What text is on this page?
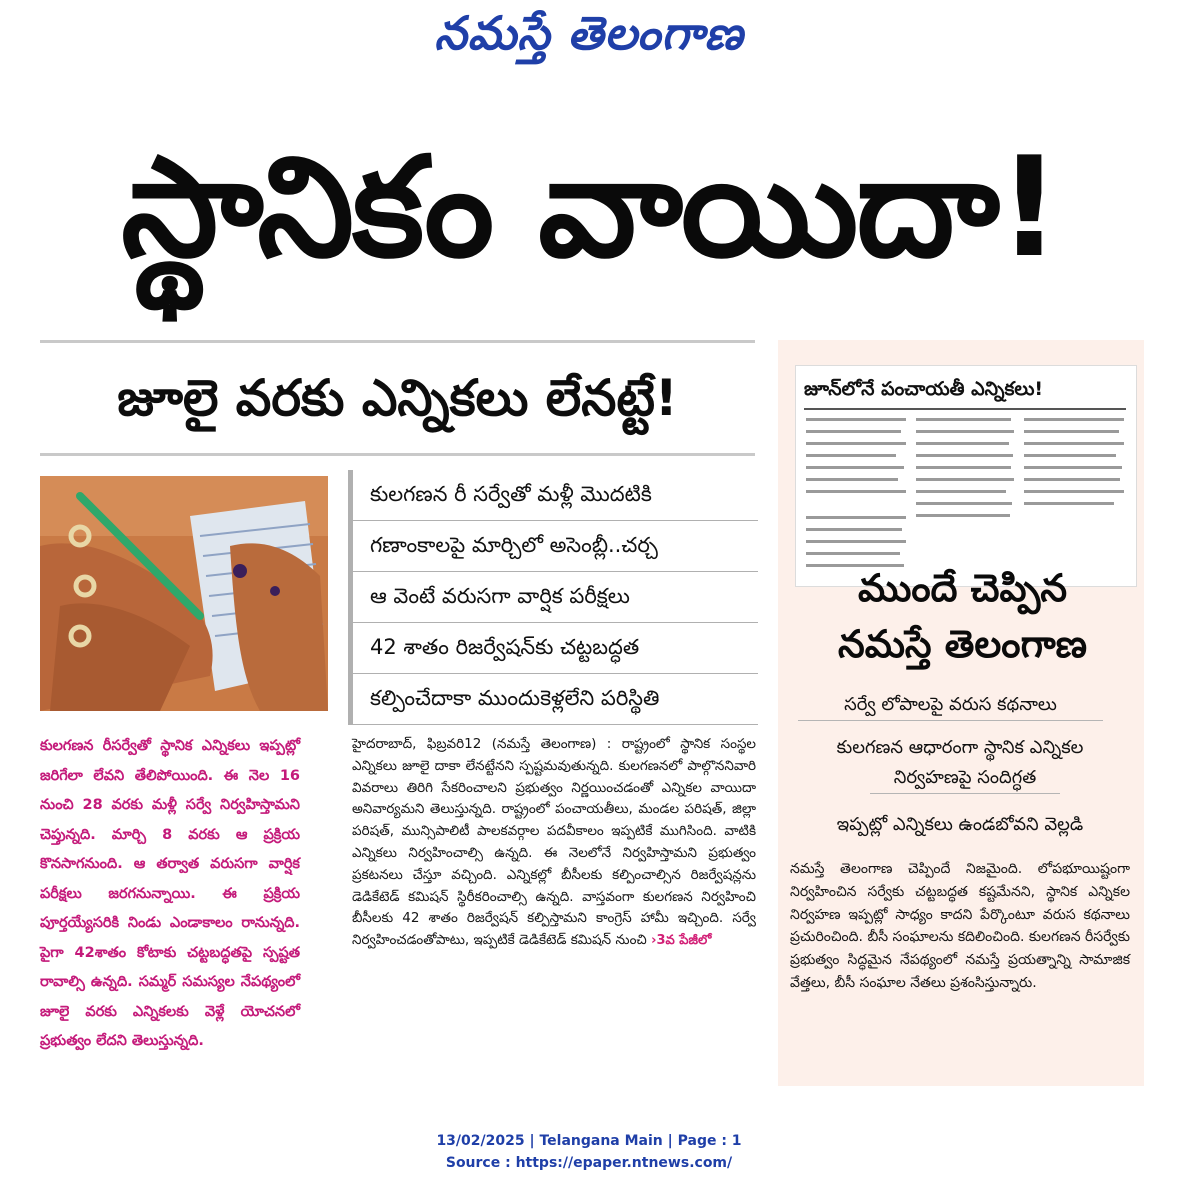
నమస్తే తెలంగాణ
స్థానికం వాయిదా!
జూలై వరకు ఎన్నికలు లేనట్టే!
కులగణన రీసర్వేతో స్థానిక ఎన్నికలు ఇప్పట్లో జరిగేలా లేవని తేలిపోయింది. ఈ నెల 16 నుంచి 28 వరకు మళ్లీ సర్వే నిర్వహిస్తామని చెప్తున్నది. మార్చి 8 వరకు ఆ ప్రక్రియ కొనసాగనుంది. ఆ తర్వాత వరుసగా వార్షిక పరీక్షలు జరగనున్నాయి. ఈ ప్రక్రియ పూర్తయ్యేసరికి నిండు ఎండాకాలం రానున్నది. పైగా 42శాతం కోటాకు చట్టబద్ధతపై స్పష్టత రావాల్సి ఉన్నది. సమ్మర్ సమస్యల నేపథ్యంలో జూలై వరకు ఎన్నికలకు వెళ్లే యోచనలో ప్రభుత్వం లేదని తెలుస్తున్నది.
కులగణన రీ సర్వేతో మళ్లీ మొదటికి
గణాంకాలపై మార్చిలో అసెంబ్లీ..చర్చ
ఆ వెంటే వరుసగా వార్షిక పరీక్షలు
42 శాతం రిజర్వేషన్‌కు చట్టబద్ధత
కల్పించేదాకా ముందుకెళ్లలేని పరిస్థితి
హైదరాబాద్, ఫిబ్రవరి12 (నమస్తే తెలంగాణ) : రాష్ట్రంలో స్థానిక సంస్థల ఎన్నికలు జూలై దాకా లేనట్టేనని స్పష్టమవుతున్నది. కులగణనలో పాల్గొననివారి వివరాలు తిరిగి సేకరించాలని ప్రభుత్వం నిర్ణయించడంతో ఎన్నికల వాయిదా అనివార్యమని తెలుస్తున్నది. రాష్ట్రంలో పంచాయతీలు, మండల పరిషత్, జిల్లా పరిషత్, మున్సిపాలిటీ పాలకవర్గాల పదవీకాలం ఇప్పటికే ముగిసింది. వాటికి ఎన్నికలు నిర్వహించాల్సి ఉన్నది. ఈ నెలలోనే నిర్వహిస్తామని ప్రభుత్వం ప్రకటనలు చేస్తూ వచ్చింది. ఎన్నికల్లో బీసీలకు కల్పించాల్సిన రిజర్వేషన్లను డెడికేటెడ్ కమిషన్ స్థిరీకరించాల్సి ఉన్నది. వాస్తవంగా కులగణన నిర్వహించి బీసీలకు 42 శాతం రిజర్వేషన్ కల్పిస్తామని కాంగ్రెస్ హామీ ఇచ్చింది. సర్వే నిర్వహించడంతోపాటు, ఇప్పటికే డెడికేటెడ్ కమిషన్ నుంచి ›3వ పేజీలో
జూన్‌లోనే పంచాయతీ ఎన్నికలు!
ముందే చెప్పిన
నమస్తే తెలంగాణ
సర్వే లోపాలపై వరుస కథనాలు
కులగణన ఆధారంగా స్థానిక ఎన్నికల
నిర్వహణపై సందిగ్ధత
ఇప్పట్లో ఎన్నికలు ఉండబోవని వెల్లడి
నమస్తే తెలంగాణ చెప్పిందే నిజమైంది. లోపభూయిష్టంగా నిర్వహించిన సర్వేకు చట్టబద్ధత కష్టమేనని, స్థానిక ఎన్నికల నిర్వహణ ఇప్పట్లో సాధ్యం కాదని పేర్కొంటూ వరుస కథనాలు ప్రచురించింది. బీసీ సంఘాలను కదిలించింది. కులగణన రీసర్వేకు ప్రభుత్వం సిద్ధమైన నేపథ్యంలో నమస్తే ప్రయత్నాన్ని సామాజిక వేత్తలు, బీసీ సంఘాల నేతలు ప్రశంసిస్తున్నారు.
13/02/2025 | Telangana Main | Page : 1
Source : https://epaper.ntnews.com/
